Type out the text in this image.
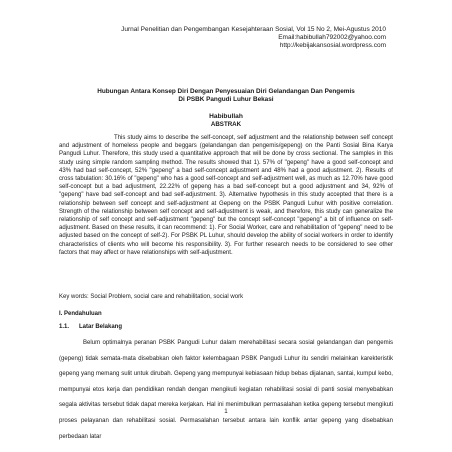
Jurnal Penelitian dan Pengembangan Kesejahteraan Sosial, Vol 15 No 2, Mei-Agustus 2010
Email:habibullah792002@yahoo.com
http://kebijakansosial.wordpress.com
Hubungan Antara Konsep Diri Dengan Penyesuaian Diri Gelandangan Dan Pengemis
Di PSBK Pangudi Luhur Bekasi
Habibullah
ABSTRAK

This study aims to describe the self-concept, self adjustment and the relationship between self concept and adjustment of homeless people and beggars (gelandangan dan pengemis/gepeng) on the Panti Sosial Bina Karya Pangudi Luhur. Therefore, this study used a quantitative approach that will be done by cross sectional. The samples in this study using simple random sampling method. The results showed that 1). 57% of "gepeng" have a good self-concept and 43% had bad self-concept, 52% "gepeng" a bad self-concept adjustment and 48% had a good adjustment. 2). Results of cross tabulation: 30.16% of "gepeng" who has a good self-concept and self-adjustment well, as much as 12.70% have good self-concept but a bad adjustment, 22.22% of gepeng has a bad self-concept but a good adjustment and 34, 92% of "gepeng" have bad self-concept and bad self-adjustment. 3). Alternative hypothesis in this study accepted that there is a relationship between self concept and self-adjustment at Gepeng on the PSBK Pangudi Luhur with positive correlation. Strength of the relationship between self concept and self-adjustment is weak, and therefore, this study can generalize the relationship of self concept and self-adjustment "gepeng" but the concept self-concept "gepeng" a bit of influence on self-adjustment. Based on these results, it can recommend: 1). For Social Worker, care and rehabilitation of "gepeng" need to be adjusted based on the concept of self-2). For PSBK PL Luhur, should develop the ability of social workers in order to identify characteristics of clients who will become his responsibility. 3). For further research needs to be considered to see other factors that may affect or have relationships with self-adjustment.

Key words: Social Problem, social care and rehabilitation, social work
I. Pendahuluan
1.1. Latar Belakang

Belum optimalnya peranan PSBK Pangudi Luhur dalam merehabilitasi secara sosial gelandangan dan pengemis (gepeng) tidak semata-mata disebabkan oleh faktor kelembagaan PSBK Pangudi Luhur itu sendiri melainkan karekteristik gepeng yang memang sulit untuk dirubah. Gepeng yang mempunyai kebiasaan hidup bebas dijalanan, santai, kumpul kebo, mempunyai etos kerja dan pendidikan rendah dengan mengikuti kegiatan rehabilitasi sosial di panti sosial menyebabkan segala aktivitas tersebut tidak dapat mereka kerjakan. Hal ini menimbulkan permasalahan ketika gepeng tersebut mengikuti proses pelayanan dan rehabilitasi sosial. Permasalahan tersebut antara lain konflik antar gepeng yang disebabkan perbedaan latar

1
